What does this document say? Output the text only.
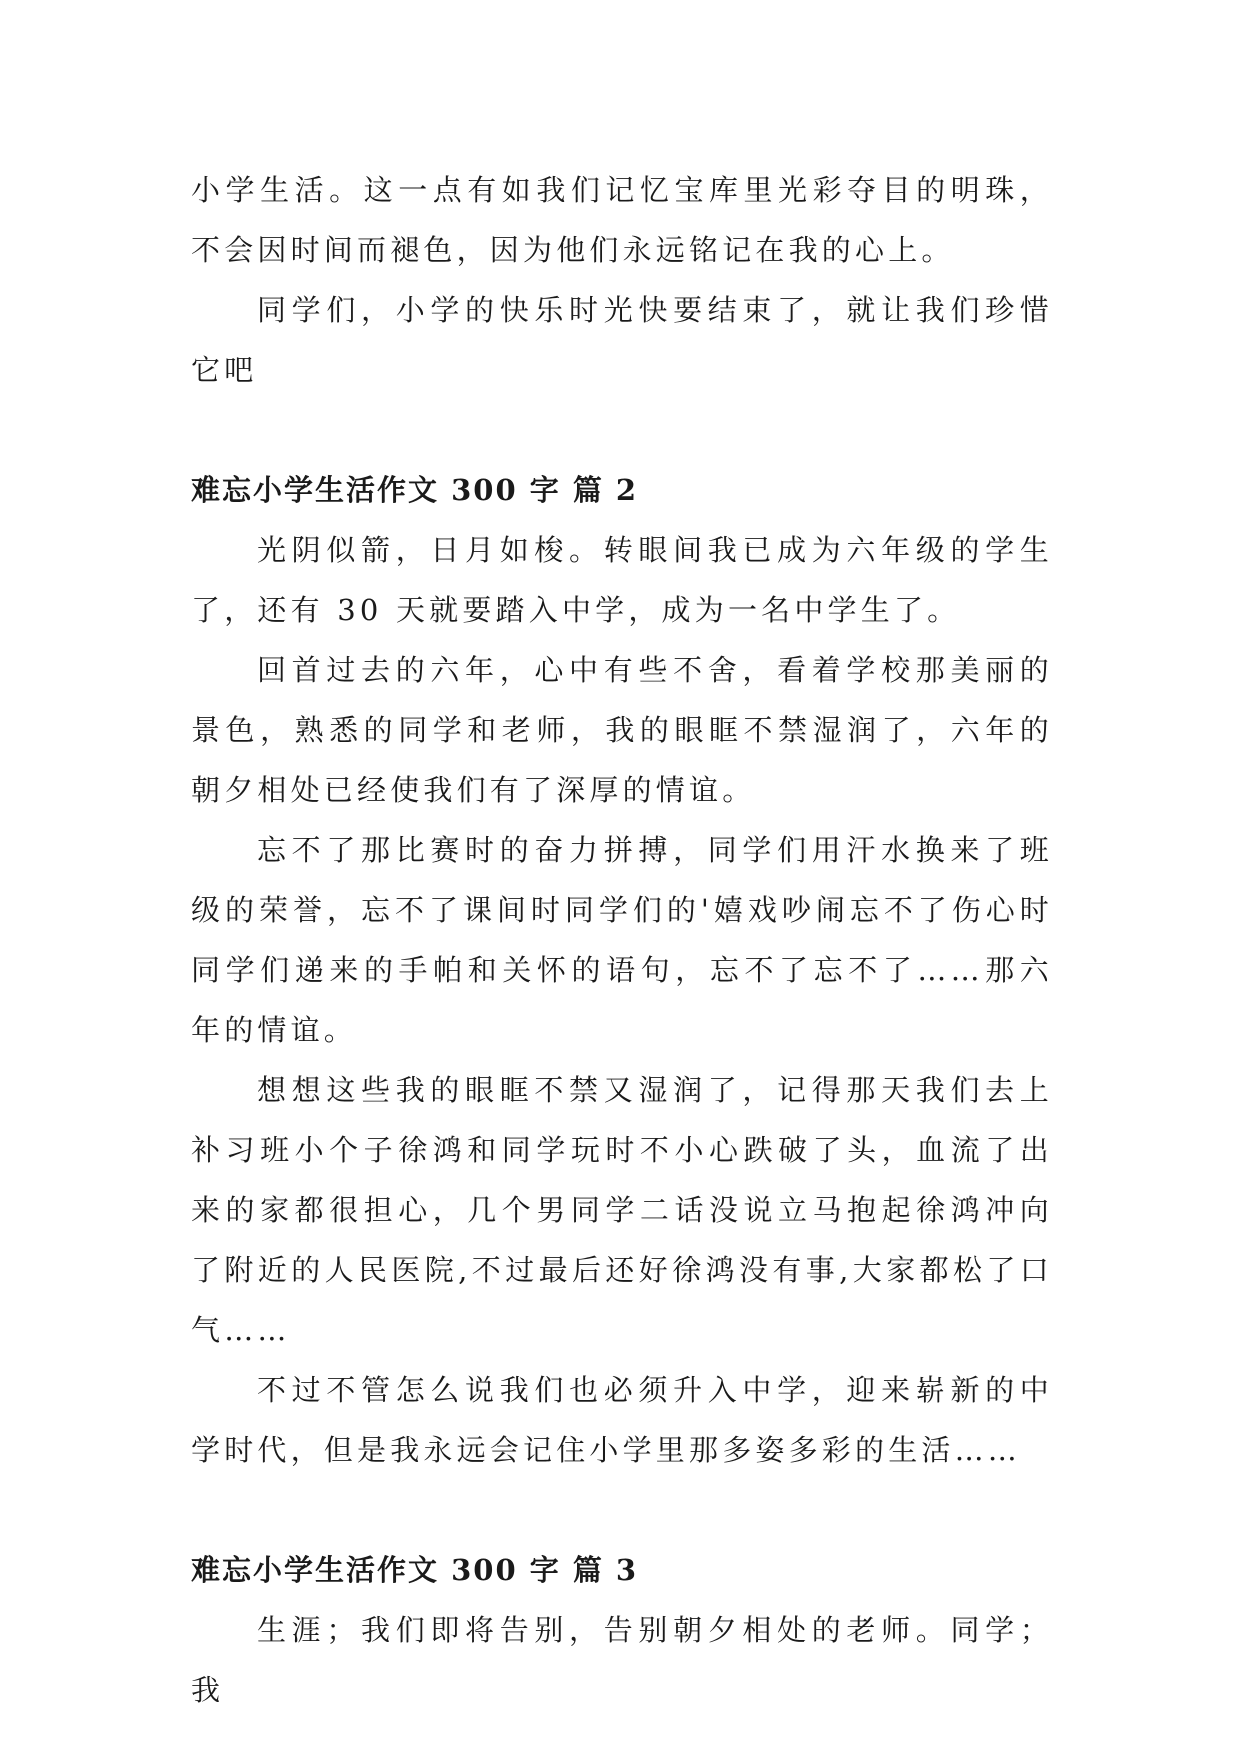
小学生活。这一点有如我们记忆宝库里光彩夺目的明珠，不会因时间而褪色，因为他们永远铭记在我的心上。

同学们，小学的快乐时光快要结束了，就让我们珍惜它吧

难忘小学生活作文 300 字 篇 2

光阴似箭，日月如梭。转眼间我已成为六年级的学生了，还有 30 天就要踏入中学，成为一名中学生了。

回首过去的六年，心中有些不舍，看着学校那美丽的景色，熟悉的同学和老师，我的眼眶不禁湿润了，六年的朝夕相处已经使我们有了深厚的情谊。

忘不了那比赛时的奋力拼搏，同学们用汗水换来了班级的荣誉，忘不了课间时同学们的'嬉戏吵闹忘不了伤心时同学们递来的手帕和关怀的语句，忘不了忘不了……那六年的情谊。

想想这些我的眼眶不禁又湿润了，记得那天我们去上补习班小个子徐鸿和同学玩时不小心跌破了头，血流了出来的家都很担心，几个男同学二话没说立马抱起徐鸿冲向了附近的人民医院,不过最后还好徐鸿没有事,大家都松了口气……

不过不管怎么说我们也必须升入中学，迎来崭新的中学时代，但是我永远会记住小学里那多姿多彩的生活……

难忘小学生活作文 300 字 篇 3

生涯；我们即将告别，告别朝夕相处的老师。同学；我
